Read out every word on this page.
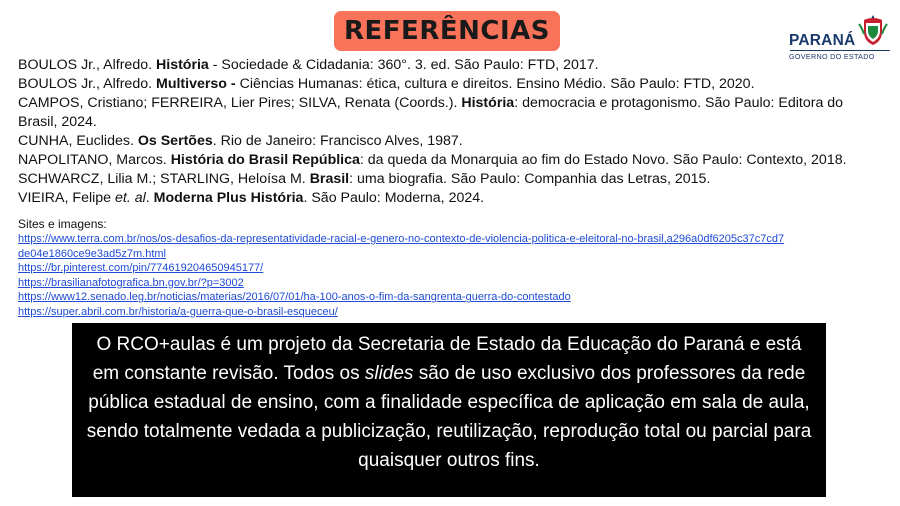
REFERÊNCIAS	PARANÁ
GOVERNO DO ESTADO

BOULOS Jr., Alfredo. História - Sociedade & Cidadania: 360°. 3. ed. São Paulo: FTD, 2017.

BOULOS Jr., Alfredo. Multiverso - Ciências Humanas: ética, cultura e direitos. Ensino Médio. São Paulo: FTD, 2020.

CAMPOS, Cristiano; FERREIRA, Lier Pires; SILVA, Renata (Coords.). História: democracia e protagonismo. São Paulo: Editora do Brasil, 2024.

CUNHA, Euclides. Os Sertões. Rio de Janeiro: Francisco Alves, 1987.

NAPOLITANO, Marcos. História do Brasil República: da queda da Monarquia ao fim do Estado Novo. São Paulo: Contexto, 2018.

SCHWARCZ, Lilia M.; STARLING, Heloísa M. Brasil: uma biografia. São Paulo: Companhia das Letras, 2015.

VIEIRA, Felipe et. al. Moderna Plus História. São Paulo: Moderna, 2024.

Sites e imagens:
https://www.terra.com.br/nos/os-desafios-da-representatividade-racial-e-genero-no-contexto-de-violencia-politica-e-eleitoral-no-brasil,a296a0df6205c37c7cd7
de04e1860ce9e3ad5z7m.html
https://br.pinterest.com/pin/774619204650945177/
https://brasilianafotografica.bn.gov.br/?p=3002
https://www12.senado.leg.br/noticias/materias/2016/07/01/ha-100-anos-o-fim-da-sangrenta-guerra-do-contestado
https://super.abril.com.br/historia/a-guerra-que-o-brasil-esqueceu/
O RCO+aulas é um projeto da Secretaria de Estado da Educação do Paraná e está em constante revisão. Todos os slides são de uso exclusivo dos professores da rede pública estadual de ensino, com a finalidade específica de aplicação em sala de aula, sendo totalmente vedada a publicização, reutilização, reprodução total ou parcial para quaisquer outros fins.
